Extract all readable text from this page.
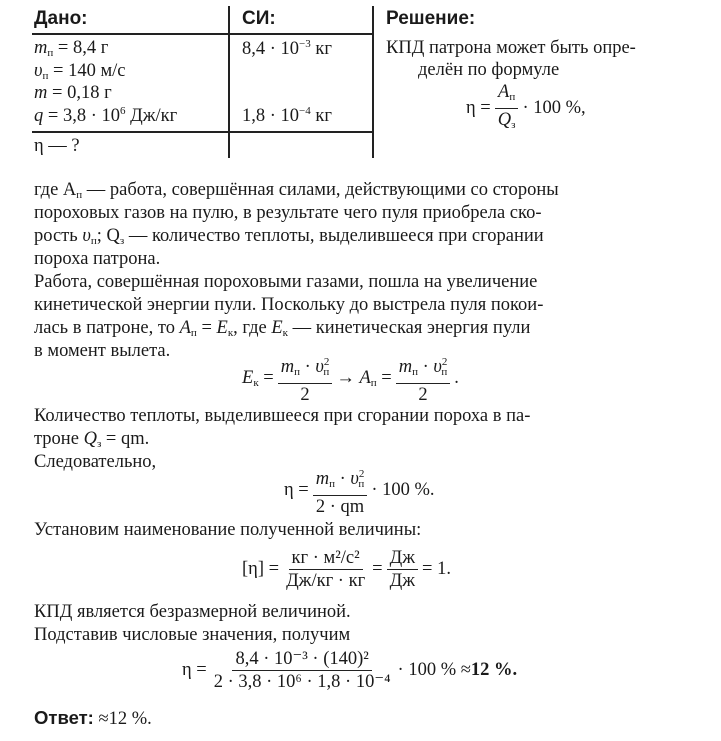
Дано:	СИ:	Решение:
$m_п = 8,4$ г
$\upsilon_п = 140$ м/с
m = 0,18 г
$q = 3,8 \cdot 10^6$ Дж/кг
η — ?
$8,4 \cdot 10^{-3}$ кг
$1,8 \cdot 10^{-4}$ кг
КПД патрона может быть опре-
делён по формуле
$\eta = \frac{A_п}{Q_з} \cdot 100$ %,
где $A_п$ — работа, совершённая силами, действующими со стороны
пороховых газов на пулю, в результате чего пуля приобрела ско-
рость $\upsilon_п$; $Q_з$ — количество теплоты, выделившееся при сгорании
пороха патрона.
Работа, совершённая пороховыми газами, пошла на увеличение
кинетической энергии пули. Поскольку до выстрела пуля покои-
лась в патроне, то $A_п = E_к$, где $E_к$ — кинетическая энергия пули
в момент вылета.
$E_к = \frac{m_п \cdot \upsilon^2_п}{2} \to A_п = \frac{m_п \cdot \upsilon^2_п}{2}$ .
Количество теплоты, выделившееся при сгорании пороха в па-
троне $Q_з$ = qm.
Следовательно,
$\eta = \frac{m_п \cdot \upsilon^2_п}{2 \cdot qm} \cdot 100$ %.
Установим наименование полученной величины:
$[\eta] = \frac{\text{кг · м²/с²}}{Дж/кг \cdot кг} = \frac{Дж}{Дж} = 1$.
КПД является безразмерной величиной.
Подставив числовые значения, получим
$\eta = \frac{\text{8,4 · 10⁻³ · (140)²}}{\text{2 · 3,8 · 10⁶ · 1,8 · 10⁻⁴}} \cdot 100$ % ≈ 12 %.
Ответ: ≈12 %.
